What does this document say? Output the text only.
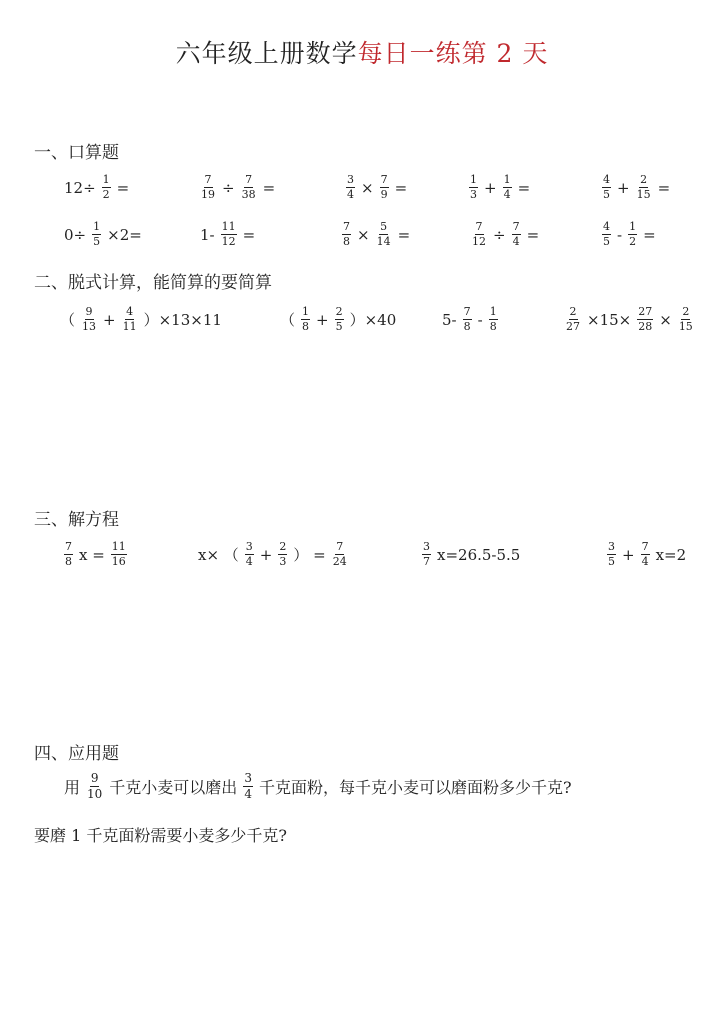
六年级上册数学每日一练第 2 天
一、口算题
$12\div \frac{1}{2}$ =	$\frac{7}{19} \div \frac{7}{38}$ =	$\frac{3}{4} \times \frac{7}{9}$ =	$\frac{1}{3} + \frac{1}{4}$ =	$\frac{4}{5} + \frac{2}{15}$ =
$0\div \frac{1}{5} \times 2=$	$1- \frac{11}{12}$ =	$\frac{7}{8} \times \frac{5}{14}$ =	$\frac{7}{12} \div \frac{7}{4}$ =	$\frac{4}{5} - \frac{1}{2}$ =
二、脱式计算，能简算的要简算
（ $\frac{9}{13} + \frac{4}{11} )\times 13\times 11$	（ $\frac{1}{8} + \frac{2}{5} )\times 40$	$5- \frac{7}{8} - \frac{1}{8}$	$\frac{2}{27} \times 15\times \frac{27}{28} \times \frac{2}{15}$
三、解方程
$\frac{7}{8}$ $x = \frac{11}{16}$	x× （ $\frac{3}{4} + \frac{2}{3}$ ） = $\frac{7}{24}$	$\frac{3}{7} x=26.5-5.5$	$\frac{3}{5} + \frac{7}{4} x=2$
四、应用题
用 $\frac{9}{10}$ 千克小麦可以磨出 $\frac{3}{4}$ 千克面粉，每千克小麦可以磨面粉多少千克?
要磨 1 千克面粉需要小麦多少千克?
